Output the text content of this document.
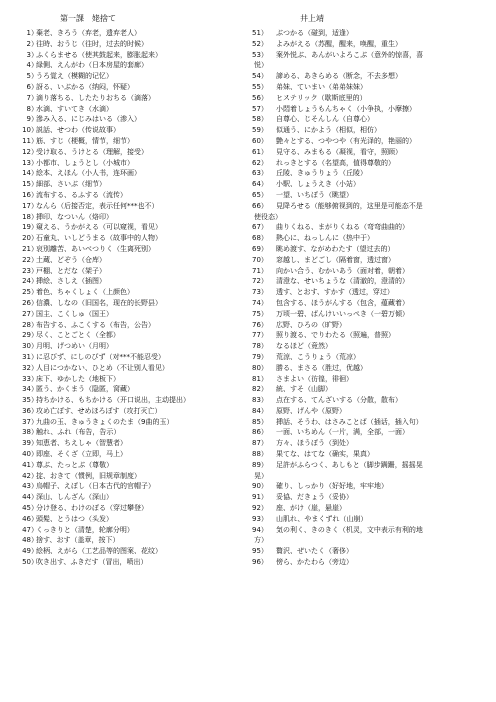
第一課　姥捨て	井上靖
1）
棄老、きろう（弃老，遗弃老人）
2）
往時、おうじ（往时，过去的时候）
3）
ふくらませる（使其鼓起来，膨胀起来）
4）
緑側、えんがわ（日本房屋的套廊）
5）
うろ覚え（模糊的记忆）
6）
訝る、いぶかる（纳闷，怀疑）
7）
滴り落ちる、したたりおちる（滴落）
8）
水滴、すいてき（水滴）
9）
滲み入る、にじみはいる（渗入）
10）
説話、せつわ（传说故事）
11）
筋、すじ（梗概，情节，细节）
12）
受け取る、うけとる（理解，接受）
13）
小都市、しょうとし（小城市）
14）
絵本、えほん（小人书，连环画）
15）
細部、さいぶ（细节）
16）
流布する、るふする（流传）
17）
なんら（后接否定，表示任何***也不）
18）
挿印、なついん（烙印）
19）
窺える、うかがえる（可以窥视，看见）
20）
石童丸、いしどうまる（故事中的人物）
21）
哀別離苦、あいべつりく（生离死别）
22）
土蔵、どぞう（仓库）
23）
戸棚、とだな（架子）
24）
挿絵、さしえ（插图）
25）
着色、ちゃくしょく（上颜色）
26）
信濃、しなの（旧国名，现在的长野县）
27）
国主、こくしゅ（国王）
28）
布告する、ふこくする（布告，公告）
29）
尽く、ことごとく（全都）
30）
月明、げつめい（月明）
31）
に忍びず、にしのびず（对***不能忍受）
32）
人目につかない、ひとめ（不让别人看见）
33）
床下、ゆかした（地板下）
34）
匿う、かくまう（隐匿，窝藏）
35）
持ちかける、もちかける（开口说出，主动提出）
36）
攻め亡ぼす、せめほろぼす（攻打灭亡）
37）
九曲の玉、きゅうきょくのたま（9曲的玉）
38）
触れ、ふれ（布告，告示）
39）
知恵者、ちえしゃ（智慧者）
40）
即座、そくざ（立即，马上）
41）
尊ぶ、たっとぶ（尊敬）
42）
掟、おきて（惯例，旧规章制度）
43）
烏帽子、えぼし（日本古代的官帽子）
44）
深山、しんざん（深山）
45）
分け登る、わけのぼる（穿过攀登）
46）
頭髪、とうはつ（头发）
47）
くっきりと（清楚，轮廓分明）
48）
捨す、おす（盖章，按下）
49）
絵柄、えがら（工艺品等的图案、花纹）
50）
吹き出す、ふきだす（冒出，喷出）
51）	ぶつかる（碰到，适逢）
52）	よみがえる（苏醒，醒来，唤醒，重生）
53）	案外悦ぶ、あんがいよろこぶ（意外的惊喜，喜
悦）
54）	諦める、あきらめる（断念，不去多想）
55）	弟妹、ていまい（弟弟妹妹）
56）	ヒステリック（歇斯底里的）
57）	小悶着しょうもんちゃく（小争执，小摩擦）
58）	自尊心、じそんしん（自尊心）
59）	似通う、にかよう（相似，相仿）
60）	艶々とする、つやつや（有光泽的，艳丽的）
61）	見守る、みまもる（凝视，看守，照顾）
62）	れっきとする（名望高，值得尊敬的）
63）	丘陵、きゅうりょう（丘陵）
64）	小駅、しょうえき（小站）
65）	一望、いちぼう（眺望）
66）	見降ろせる（能够俯视到的，这里是可能态不是
使役态）
67）	曲りくねる、まがりくねる（弯弯曲曲的）
68）	熱心に、ねっしんに（热中于）
69）	眺め渡す、ながめわたす（望过去的）
70）	窓越し、まどごし（隔着窗，透过窗）
71）	向かい合う、むかいあう（面对着，朝着）
72）	清澄な、せいちょうな（清澈的，澄清的）
73）	透す、とおす、すかす（透过，穿过）
74）	包含する、ほうがんする（包含，蕴藏着）
75）	万顷一碧、ばんけいいっぺき（一碧万倾）
76）	広野、ひろの（旷野）
77）	照り渡る、でりわたる（照遍，普照）
78）	なるほど（竟然）
79）	荒涼、こうりょう（荒凉）
80）	勝る、まさる（胜过，优越）
81）	さまよい（彷徨，徘徊）
82）	統、すそ（山脚）
83）	点在する、てんざいする（分散，散布）
84）	原野、げんや（原野）
85）	挿話、そうわ、はさみことば（插话，插入句）
86）	一面、いちめん（一片，满，全部，一面）
87）	方々、ほうぼう（到处）
88）	果てな、はてな（确实，果真）
89）	足許がふらつく、あしもと（脚步蹒跚，摇摇晃
晃）
90）	確り、しっかり（好好地，牢牢地）
91）	妥協、だきょう（妥协）
92）	座、がけ（崖，悬崖）
93）	山肌れ、やまくずれ（山崩）
94）	気の利く、きのきく（机灵，文中表示有利的地
方）
95）	贅沢、ぜいたく（奢侈）
96）	傍ら、かたわら（旁边）
